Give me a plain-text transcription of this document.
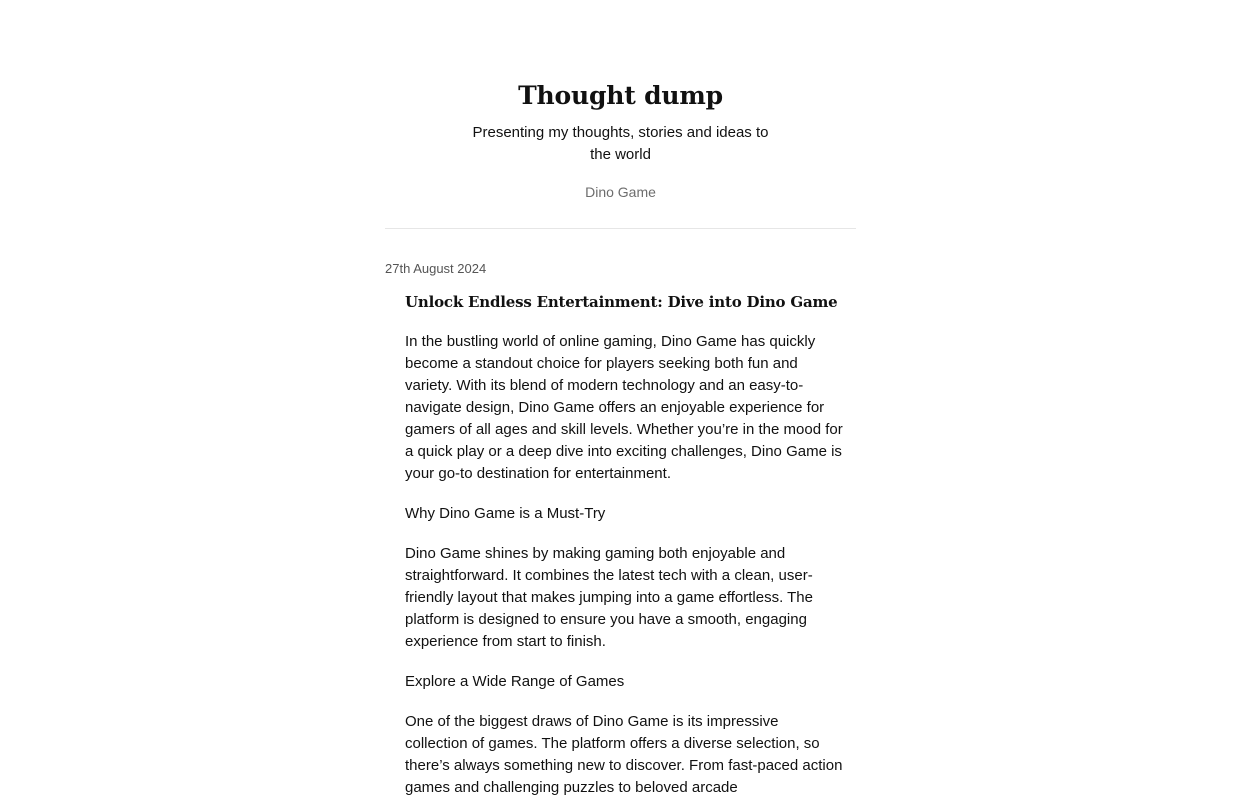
Thought dump
Presenting my thoughts, stories and ideas to the world
Dino Game
27th August 2024
Unlock Endless Entertainment: Dive into Dino Game

In the bustling world of online gaming, Dino Game has quickly become a standout choice for players seeking both fun and variety. With its blend of modern technology and an easy-to-navigate design, Dino Game offers an enjoyable experience for gamers of all ages and skill levels. Whether you’re in the mood for a quick play or a deep dive into exciting challenges, Dino Game is your go-to destination for entertainment.

Why Dino Game is a Must-Try

Dino Game shines by making gaming both enjoyable and straightforward. It combines the latest tech with a clean, user-friendly layout that makes jumping into a game effortless. The platform is designed to ensure you have a smooth, engaging experience from start to finish.

Explore a Wide Range of Games

One of the biggest draws of Dino Game is its impressive collection of games. The platform offers a diverse selection, so there’s always something new to discover. From fast-paced action games and challenging puzzles to beloved arcade
